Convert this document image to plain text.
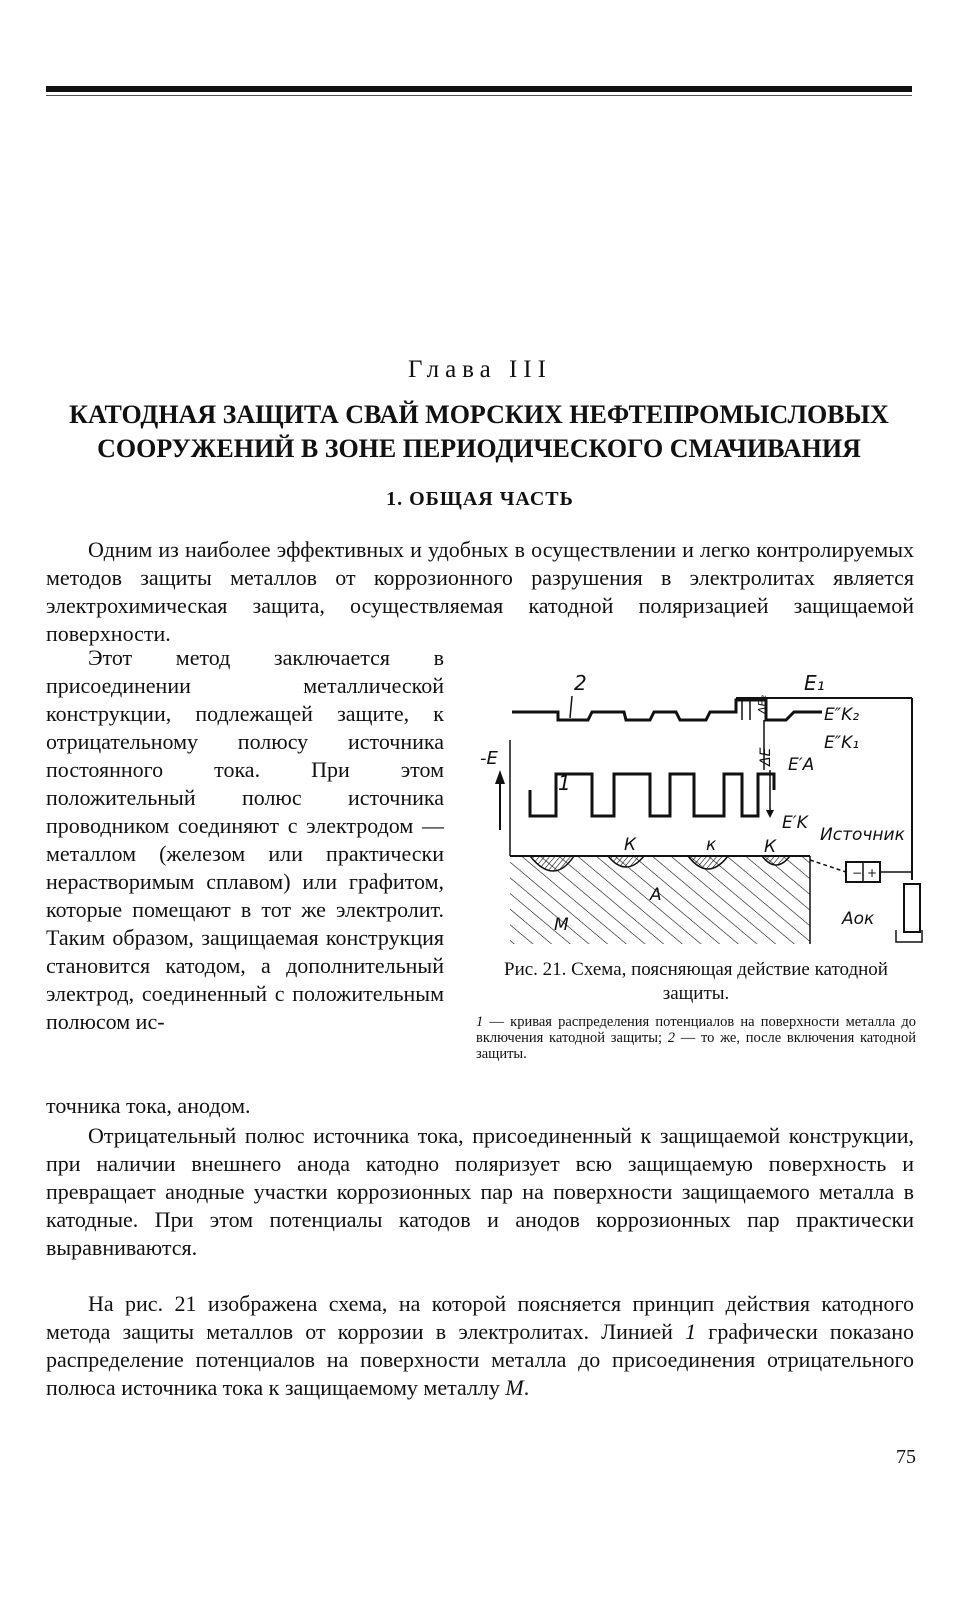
Глава III
КАТОДНАЯ ЗАЩИТА СВАЙ МОРСКИХ НЕФТЕПРОМЫСЛОВЫХ СООРУЖЕНИЙ В ЗОНЕ ПЕРИОДИЧЕСКОГО СМАЧИВАНИЯ
1. ОБЩАЯ ЧАСТЬ

Одним из наиболее эффективных и удобных в осуществлении и легко контролируемых методов защиты металлов от коррозионного разрушения в электролитах является электрохимическая защита, осуществляемая катодной поляризацией защищаемой поверхности.

Этот метод заключается в присоединении металлической конструкции, подлежащей защите, к отрицательному полюсу источника постоянного тока. При этом положительный полюс источника проводником соединяют с электродом — металлом (железом или практически нерастворимым сплавом) или графитом, которые помещают в тот же электролит. Таким образом, защищаемая конструкция становится катодом, а дополнительный электрод, соединенный с положительным полюсом ис-

точника тока, анодом.

Отрицательный полюс источника тока, присоединенный к защищаемой конструкции, при наличии внешнего анода катодно поляризует всю защищаемую поверхность и превращает анодные участки коррозионных пар на поверхности защищаемого металла в катодные. При этом потенциалы катодов и анодов коррозионных пар практически выравниваются.

На рис. 21 изображена схема, на которой поясняется принцип действия катодного метода защиты металлов от коррозии в электролитах. Линией 1 графически показано распределение потенциалов на поверхности металла до присоединения отрицательного полюса источника тока к защищаемому металлу М.

− +
2	E₁
E″K₂
E″K₁
E′A
E′K
ΔE
ΔE₂
-E
1
Источник
К	к	К
А
М	Aок
Рис. 21. Схема, поясняющая действие катодной защиты.

1 — кривая распределения потенциалов на поверхности металла до включения катодной защиты; 2 — то же, после включения катодной защиты.

75
